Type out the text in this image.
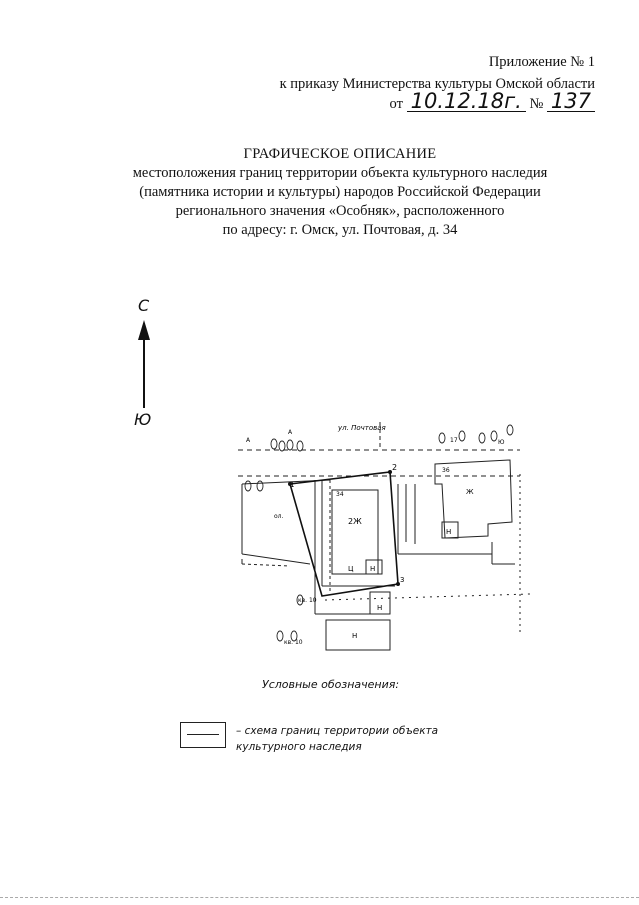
Приложение № 1
к приказу Министерства культуры Омской области
от 10.12.18г. № 137
ГРАФИЧЕСКОЕ ОПИСАНИЕ
местоположения границ территории объекта культурного наследия
(памятника истории и культуры) народов Российской Федерации
регионального значения «Особняк», расположенного
по адресу: г. Омск, ул. Почтовая, д. 34
С
Ю	ул. Почтовая
1
2
3
2Ж
34	Ж
36
Н
Н
Н
Ц Н
ол.
А
А
кв. 10
кв. 10
17	Ю
Условные обозначения:
– схема границ территории объекта культурного наследия
